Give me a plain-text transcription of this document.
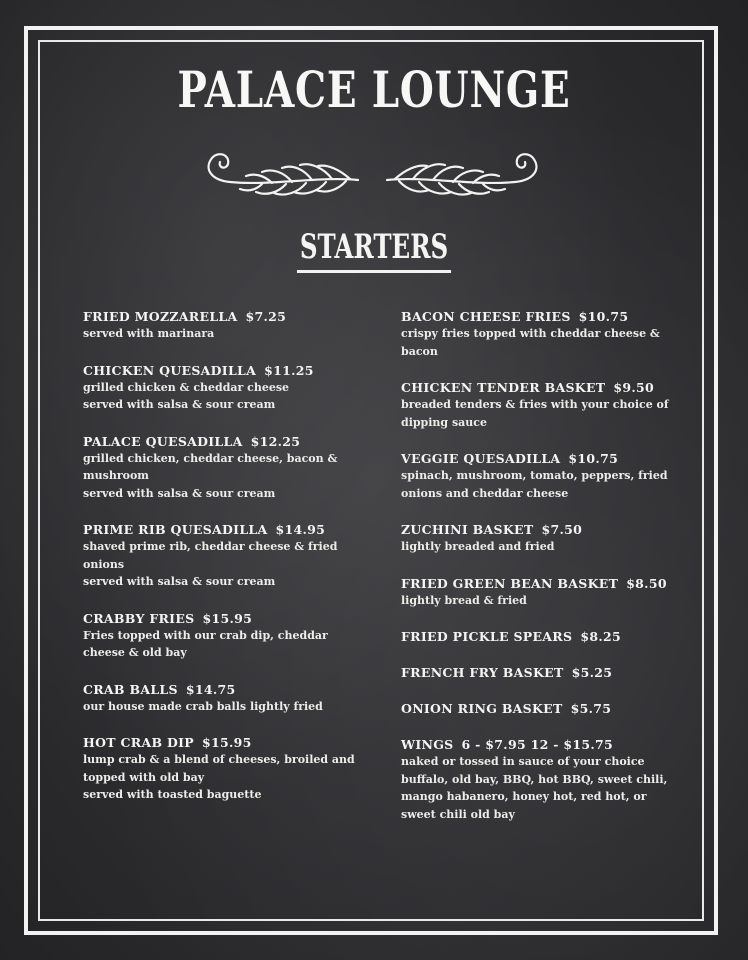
PALACE LOUNGE
STARTERS
FRIED MOZZARELLA $7.25
served with marinara
CHICKEN QUESADILLA $11.25
grilled chicken & cheddar cheese
served with salsa & sour cream
PALACE QUESADILLA $12.25
grilled chicken, cheddar cheese, bacon &
mushroom
served with salsa & sour cream
PRIME RIB QUESADILLA $14.95
shaved prime rib, cheddar cheese & fried
onions
served with salsa & sour cream
CRABBY FRIES $15.95
Fries topped with our crab dip, cheddar
cheese & old bay
CRAB BALLS $14.75
our house made crab balls lightly fried
HOT CRAB DIP $15.95
lump crab & a blend of cheeses, broiled and
topped with old bay
served with toasted baguette
BACON CHEESE FRIES $10.75
crispy fries topped with cheddar cheese &
bacon
CHICKEN TENDER BASKET $9.50
breaded tenders & fries with your choice of
dipping sauce
VEGGIE QUESADILLA $10.75
spinach, mushroom, tomato, peppers, fried
onions and cheddar cheese
ZUCHINI BASKET $7.50
lightly breaded and fried
FRIED GREEN BEAN BASKET $8.50
lightly bread & fried
FRIED PICKLE SPEARS $8.25
FRENCH FRY BASKET $5.25
ONION RING BASKET $5.75
WINGS 6 - $7.95 12 - $15.75
naked or tossed in sauce of your choice
buffalo, old bay, BBQ, hot BBQ, sweet chili,
mango habanero, honey hot, red hot, or
sweet chili old bay
